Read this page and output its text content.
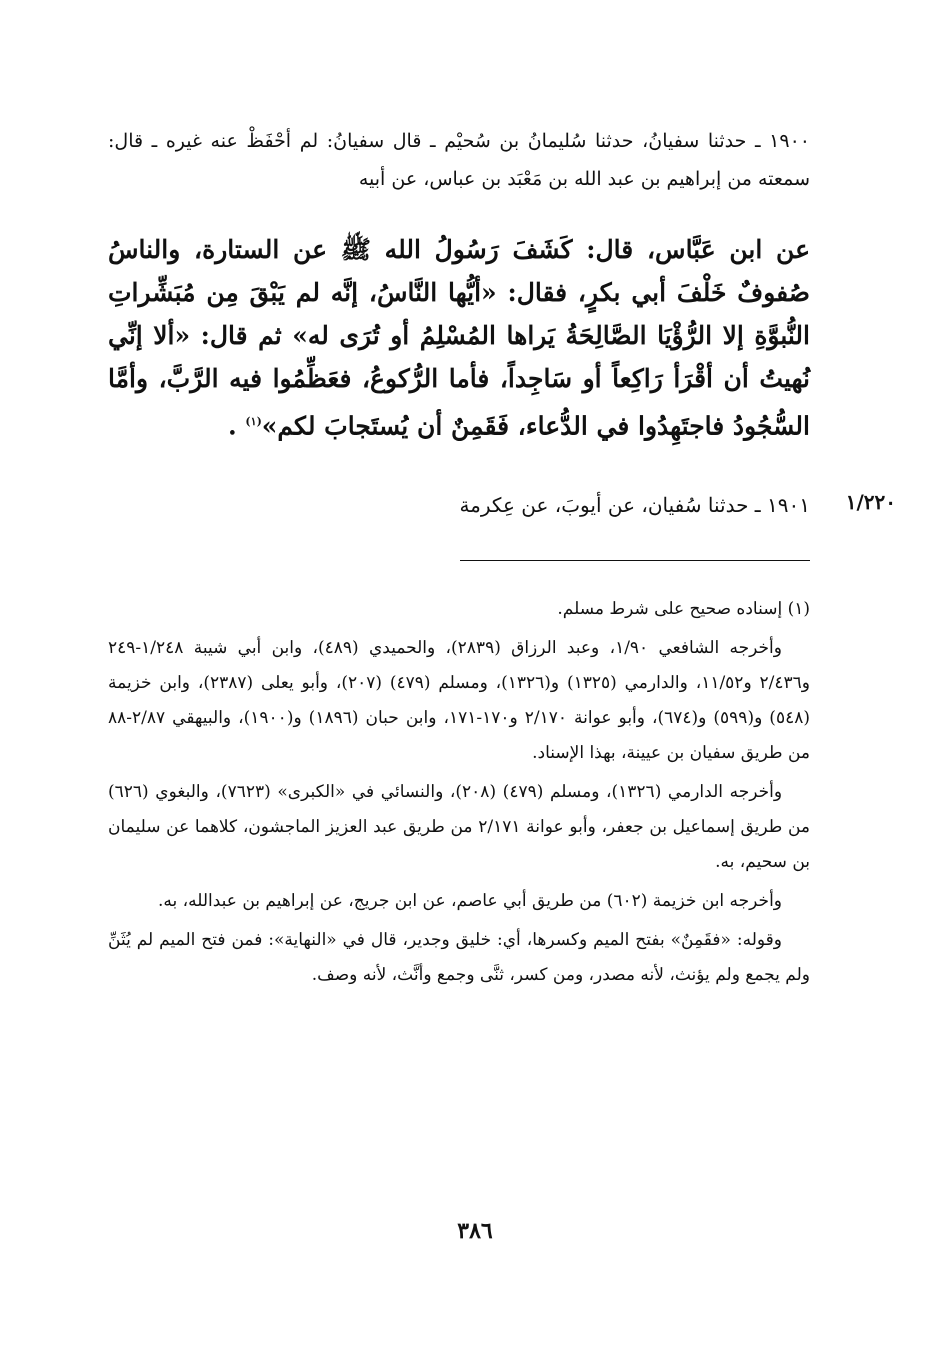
١٩٠٠ ـ حدثنا سفيانُ، حدثنا سُليمانُ بن سُحيْم ـ قال سفيانُ: لم أحْفَظْ عنه غيره ـ قال: سمعته من إبراهيم بن عبد الله بن مَعْبَد بن عباس، عن أبيه
عن ابن عَبَّاس، قال: كَشَفَ رَسُولُ الله ﷺ عن الستارة، والناسُ صُفوفٌ خَلْفَ أبي بكرٍ، فقال: «أيُّها النَّاسُ، إنَّه لم يَبْقَ مِن مُبَشِّراتِ النُّبوَّةِ إلا الرُّؤْيَا الصَّالِحَةُ يَراها المُسْلِمُ أو تُرَى له» ثم قال: «ألا إنِّي نُهيتُ أن أقْرَأ رَاكِعاً أو سَاجِداً، فأما الرُّكوعُ، فعَظِّمُوا فيه الرَّبَّ، وأمَّا السُّجُودُ فاجتَهِدُوا في الدُّعاء، فَقَمِنٌ أن يُستَجابَ لكم»$^{(١)}$ .
١٩٠١ ـ حدثنا سُفيان، عن أيوبَ، عن عِكرمة	١/٢٢٠

(١) إسناده صحيح على شرط مسلم.

وأخرجه الشافعي ١/٩٠، وعبد الرزاق (٢٨٣٩)، والحميدي (٤٨٩)، وابن أبي شيبة ١/٢٤٨-٢٤٩ و٢/٤٣٦ و١١/٥٢، والدارمي (١٣٢٥) و(١٣٢٦)، ومسلم (٤٧٩) (٢٠٧)، وأبو يعلى (٢٣٨٧)، وابن خزيمة (٥٤٨) و(٥٩٩) و(٦٧٤)، وأبو عوانة ٢/١٧٠ و١٧٠-١٧١، وابن حبان (١٨٩٦) و(١٩٠٠)، والبيهقي ٢/٨٧-٨٨ من طريق سفيان بن عيينة، بهذا الإسناد.

وأخرجه الدارمي (١٣٢٦)، ومسلم (٤٧٩) (٢٠٨)، والنسائي في «الكبرى» (٧٦٢٣)، والبغوي (٦٢٦) من طريق إسماعيل بن جعفر، وأبو عوانة ٢/١٧١ من طريق عبد العزيز الماجشون، كلاهما عن سليمان بن سحيم، به.

وأخرجه ابن خزيمة (٦٠٢) من طريق أبي عاصم، عن ابن جريج، عن إبراهيم بن عبدالله، به.

وقوله: «فقَمِنٌ» بفتح الميم وكسرها، أي: خليق وجدير، قال في «النهاية»: فمن فتح الميم لم يُثَنِّ ولم يجمع ولم يؤنث، لأنه مصدر، ومن كسر، ثنَّى وجمع وأنَّث، لأنه وصف.

٣٨٦
